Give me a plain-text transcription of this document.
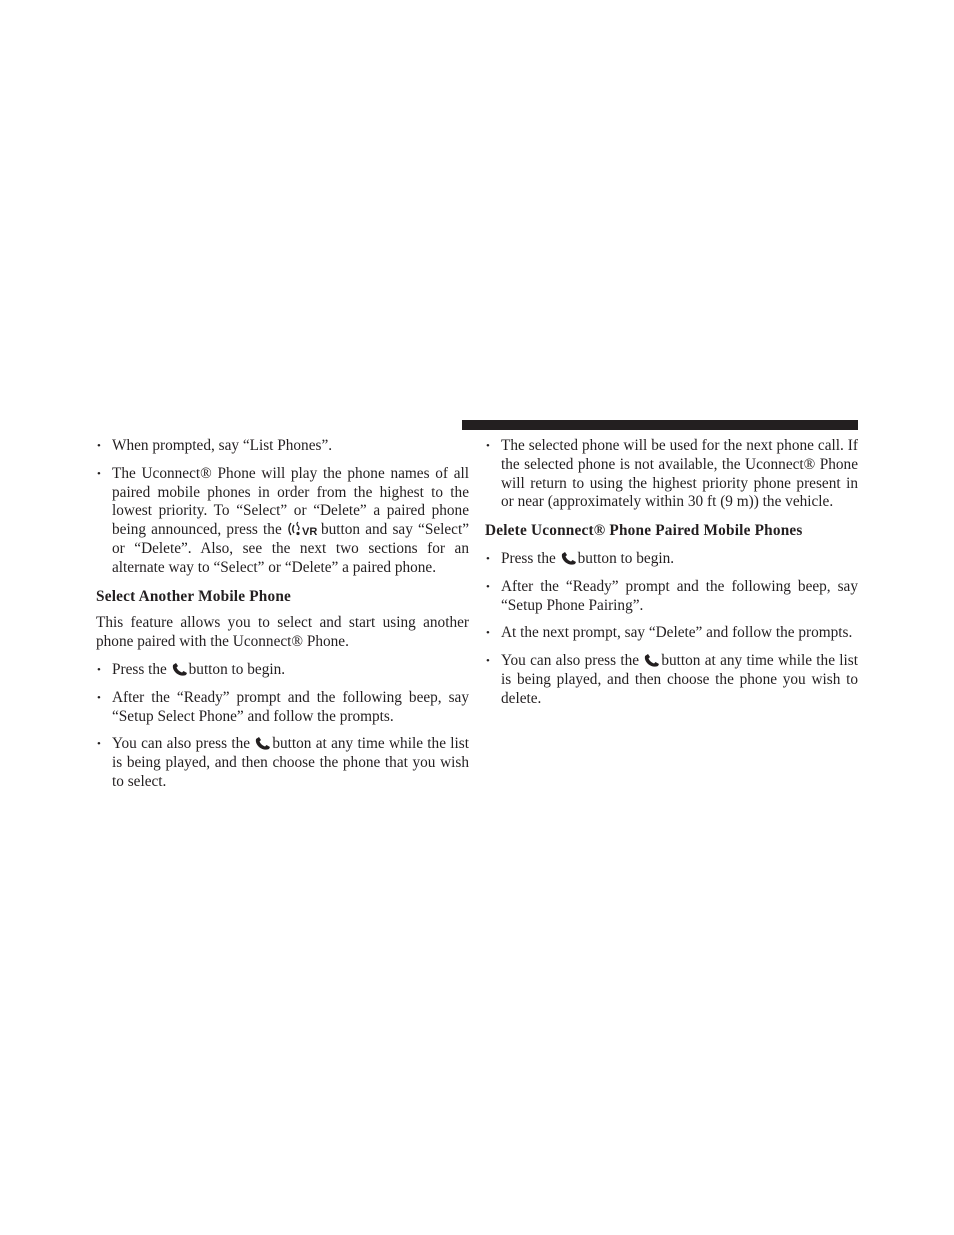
• When prompted, say “List Phones”.
• The Uconnect® Phone will play the phone names of all paired mobile phones in order from the highest to the lowest priority. To “Select” or “Delete” a paired phone being announced, press the VR button and say “Select” or “Delete”. Also, see the next two sections for an alternate way to “Select” or “Delete” a paired phone.
Select Another Mobile Phone
This feature allows you to select and start using another phone paired with the Uconnect® Phone.
• Press the button to begin.
• After the “Ready” prompt and the following beep, say “Setup Select Phone” and follow the prompts.
• You can also press the button at any time while the list is being played, and then choose the phone that you wish to select.
• The selected phone will be used for the next phone call. If the selected phone is not available, the Uconnect® Phone will return to using the highest priority phone present in or near (approximately within 30 ft (9 m)) the vehicle.
Delete Uconnect® Phone Paired Mobile Phones
• Press the button to begin.
• After the “Ready” prompt and the following beep, say “Setup Phone Pairing”.
• At the next prompt, say “Delete” and follow the prompts.
• You can also press the button at any time while the list is being played, and then choose the phone you wish to delete.
